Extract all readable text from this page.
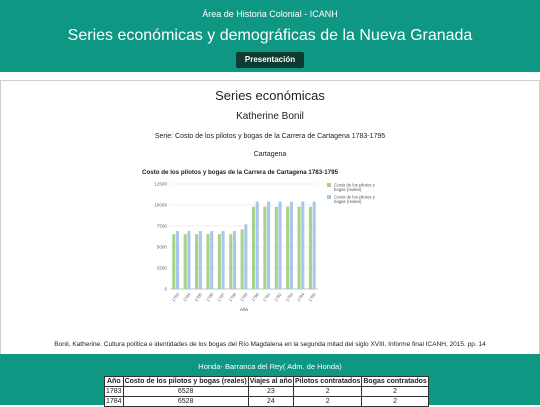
Área de Historia Colonial - ICANH
Series económicas y demográficas de la Nueva Granada
Presentación
Series económicas
Katherine Bonil
Serie: Costo de los pilotos y bogas de la Carrera de Cartagena 1783-1795
Cartagena
Costo de los pilotos y bogas de la Carrera de Cartagena 1783-1795
0
2500
5000
7500
10000
12500
1783 1784 1785 1786 1787 1788 1789 1790 1791 1792 1793 1794 1795
Año
Costo de los pilotos y
bogas (reales)
Costo de los pilotos y
bogas (reales)
Bonil, Katherine. Cultura política e identidades de los bogas del Río Magdalena en la segunda mitad del siglo XVIII. Informe final ICANH, 2015. pp. 14
Honda- Barranca del Rey( Adm. de Honda)
Año	Costo de los pilotos y bogas (reales)	Viajes al año	Pilotos contratados	Bogas contratados
1783	6528	23	2	2
1784	6528	24	2	2
